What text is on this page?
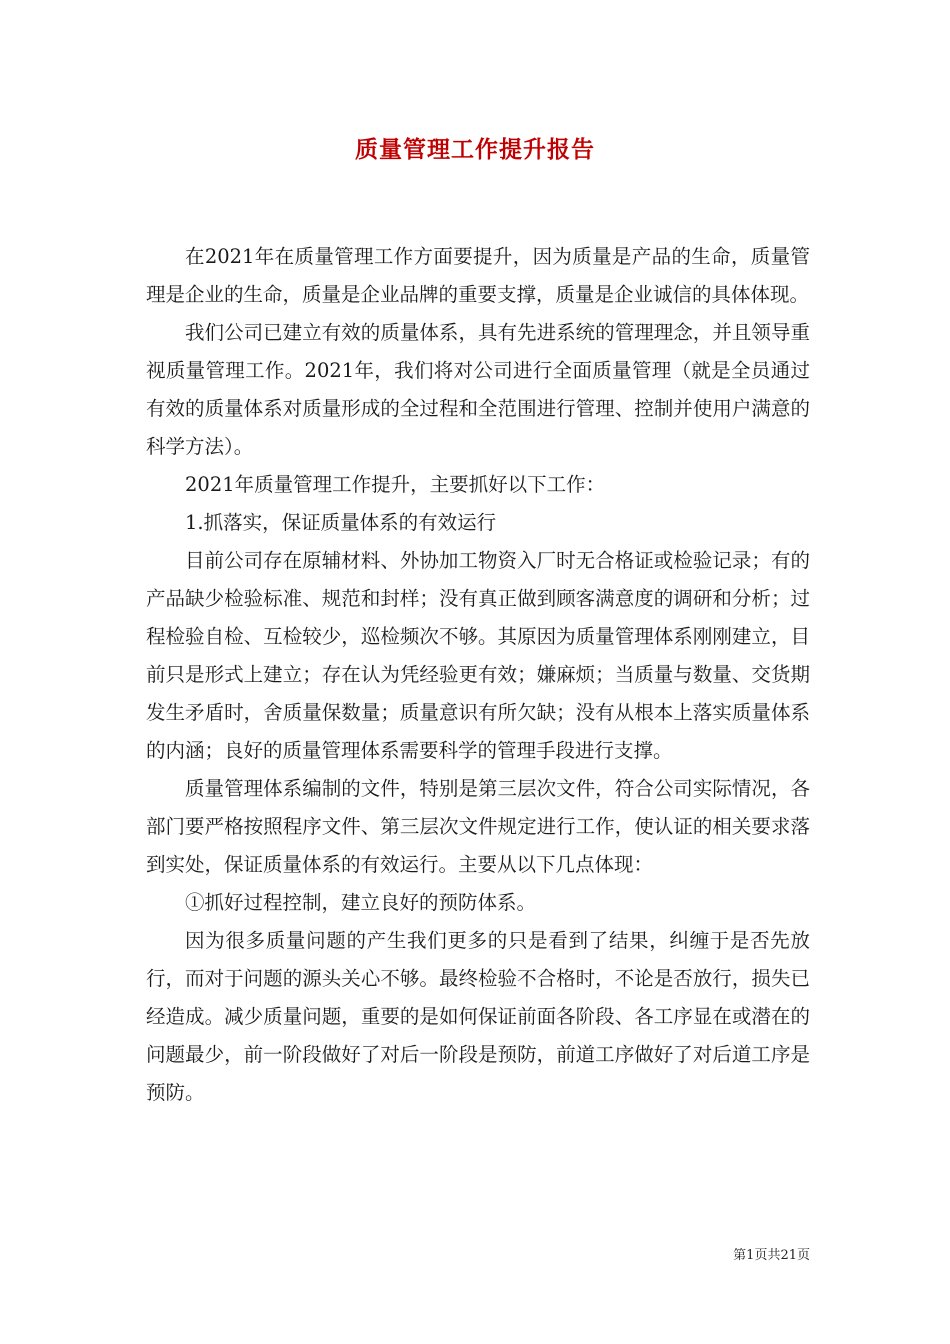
质量管理工作提升报告

在2021年在质量管理工作方面要提升，因为质量是产品的生命，质量管理是企业的生命，质量是企业品牌的重要支撑，质量是企业诚信的具体体现。

我们公司已建立有效的质量体系，具有先进系统的管理理念，并且领导重视质量管理工作。2021年，我们将对公司进行全面质量管理（就是全员通过有效的质量体系对质量形成的全过程和全范围进行管理、控制并使用户满意的科学方法）。

2021年质量管理工作提升，主要抓好以下工作：

1.抓落实，保证质量体系的有效运行

目前公司存在原辅材料、外协加工物资入厂时无合格证或检验记录；有的产品缺少检验标准、规范和封样；没有真正做到顾客满意度的调研和分析；过程检验自检、互检较少，巡检频次不够。其原因为质量管理体系刚刚建立，目前只是形式上建立；存在认为凭经验更有效；嫌麻烦；当质量与数量、交货期发生矛盾时，舍质量保数量；质量意识有所欠缺；没有从根本上落实质量体系的内涵；良好的质量管理体系需要科学的管理手段进行支撑。

质量管理体系编制的文件，特别是第三层次文件，符合公司实际情况，各部门要严格按照程序文件、第三层次文件规定进行工作，使认证的相关要求落到实处，保证质量体系的有效运行。主要从以下几点体现：

①抓好过程控制，建立良好的预防体系。

因为很多质量问题的产生我们更多的只是看到了结果，纠缠于是否先放行，而对于问题的源头关心不够。最终检验不合格时，不论是否放行，损失已经造成。减少质量问题，重要的是如何保证前面各阶段、各工序显在或潜在的问题最少，前一阶段做好了对后一阶段是预防，前道工序做好了对后道工序是预防。

第1页共21页
